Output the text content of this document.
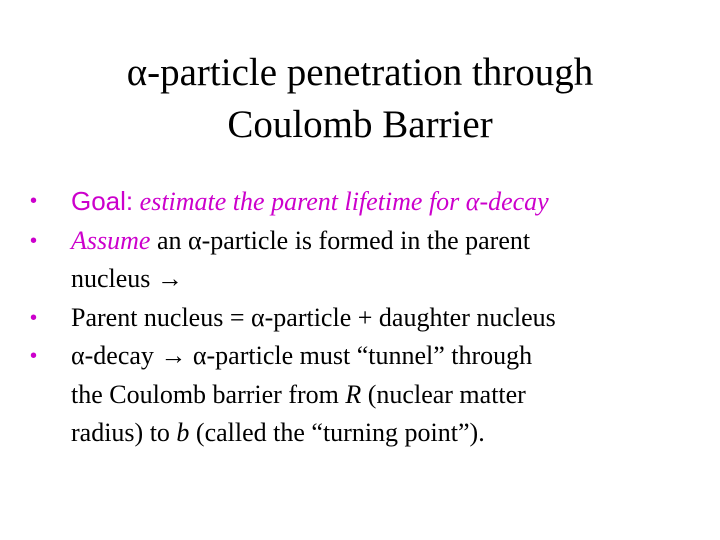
α-particle penetration through
Coulomb Barrier
• Goal: estimate the parent lifetime for α-decay
• Assume an α-particle is formed in the parent
nucleus →
• Parent nucleus = α-particle + daughter nucleus
• α-decay → α-particle must “tunnel” through
the Coulomb barrier from R (nuclear matter
radius) to b (called the “turning point”).
